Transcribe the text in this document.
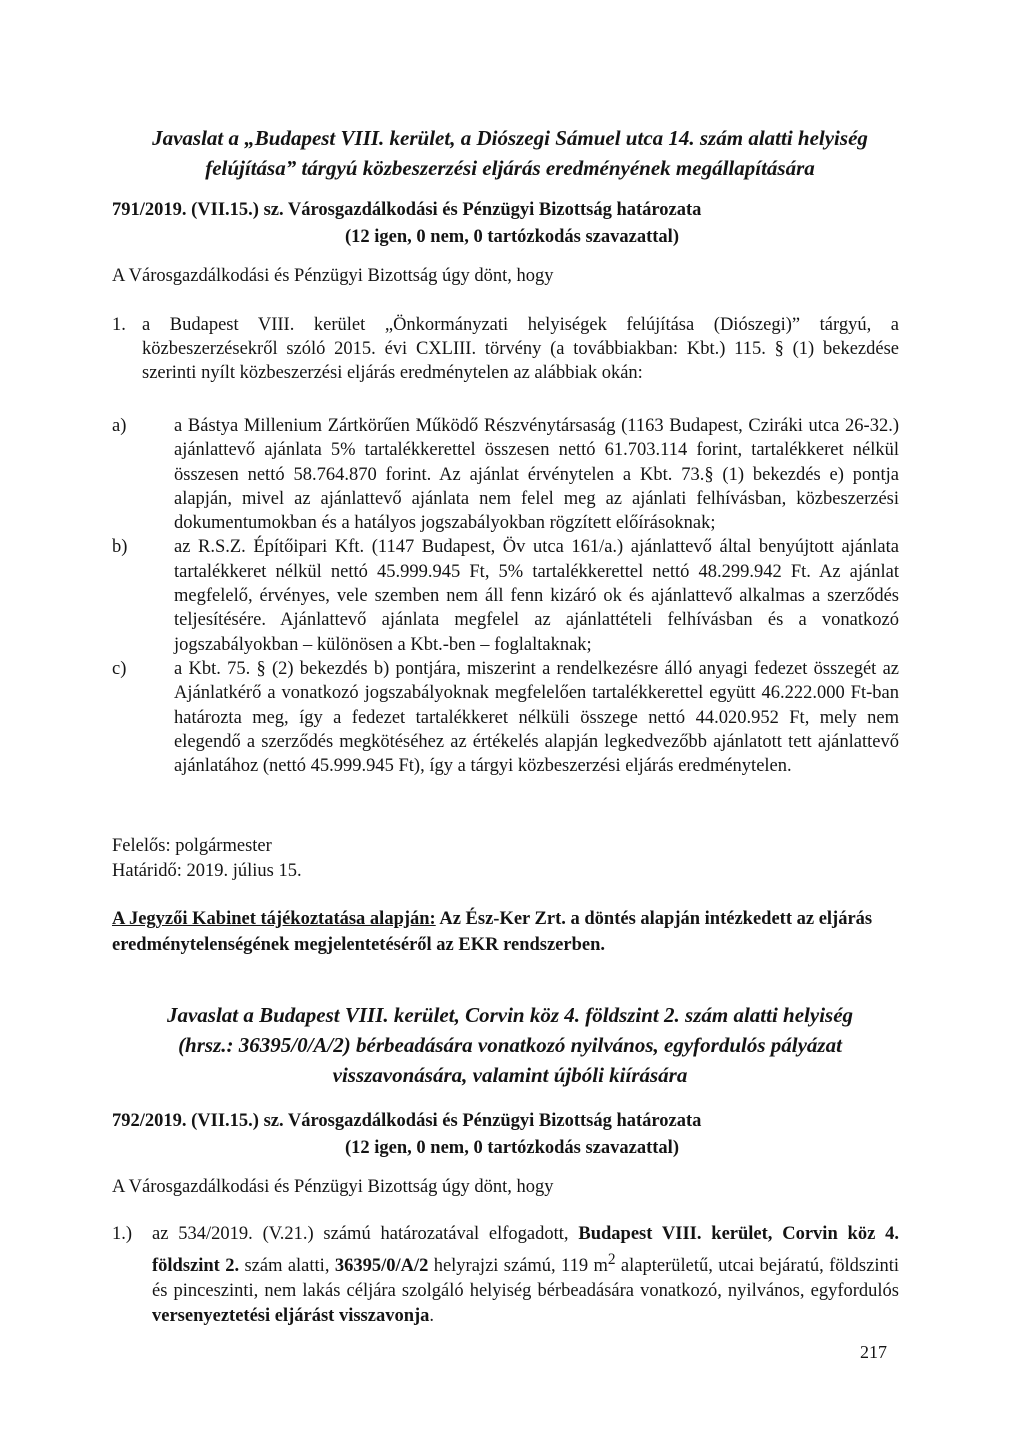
Javaslat a „Budapest VIII. kerület, a Diószegi Sámuel utca 14. szám alatti helyiség
felújítása” tárgyú közbeszerzési eljárás eredményének megállapítására
791/2019. (VII.15.) sz. Városgazdálkodási és Pénzügyi Bizottság határozata
(12 igen, 0 nem, 0 tartózkodás szavazattal)
A Városgazdálkodási és Pénzügyi Bizottság úgy dönt, hogy
1. a Budapest VIII. kerület „Önkormányzati helyiségek felújítása (Diószegi)” tárgyú, a közbeszerzésekről szóló 2015. évi CXLIII. törvény (a továbbiakban: Kbt.) 115. § (1) bekezdése szerinti nyílt közbeszerzési eljárás eredménytelen az alábbiak okán:
a)	a Bástya Millenium Zártkörűen Működő Részvénytársaság (1163 Budapest, Cziráki utca 26-32.) ajánlattevő ajánlata 5% tartalékkerettel összesen nettó 61.703.114 forint, tartalékkeret nélkül összesen nettó 58.764.870 forint. Az ajánlat érvénytelen a Kbt. 73.§ (1) bekezdés e) pontja alapján, mivel az ajánlattevő ajánlata nem felel meg az ajánlati felhívásban, közbeszerzési dokumentumokban és a hatályos jogszabályokban rögzített előírásoknak;
b)	az R.S.Z. Építőipari Kft. (1147 Budapest, Öv utca 161/a.) ajánlattevő által benyújtott ajánlata tartalékkeret nélkül nettó 45.999.945 Ft, 5% tartalékkerettel nettó 48.299.942 Ft. Az ajánlat megfelelő, érvényes, vele szemben nem áll fenn kizáró ok és ajánlattevő alkalmas a szerződés teljesítésére. Ajánlattevő ajánlata megfelel az ajánlattételi felhívásban és a vonatkozó jogszabályokban – különösen a Kbt.-ben – foglaltaknak;
c)	a Kbt. 75. § (2) bekezdés b) pontjára, miszerint a rendelkezésre álló anyagi fedezet összegét az Ajánlatkérő a vonatkozó jogszabályoknak megfelelően tartalékkerettel együtt 46.222.000 Ft-ban határozta meg, így a fedezet tartalékkeret nélküli összege nettó 44.020.952 Ft, mely nem elegendő a szerződés megkötéséhez az értékelés alapján legkedvezőbb ajánlatott tett ajánlattevő ajánlatához (nettó 45.999.945 Ft), így a tárgyi közbeszerzési eljárás eredménytelen.
Felelős: polgármester
Határidő: 2019. július 15.
A Jegyzői Kabinet tájékoztatása alapján: Az Ész-Ker Zrt. a döntés alapján intézkedett az eljárás eredménytelenségének megjelentetéséről az EKR rendszerben.
Javaslat a Budapest VIII. kerület, Corvin köz 4. földszint 2. szám alatti helyiség
(hrsz.: 36395/0/A/2) bérbeadására vonatkozó nyilvános, egyfordulós pályázat
visszavonására, valamint újbóli kiírására
792/2019. (VII.15.) sz. Városgazdálkodási és Pénzügyi Bizottság határozata
(12 igen, 0 nem, 0 tartózkodás szavazattal)
A Városgazdálkodási és Pénzügyi Bizottság úgy dönt, hogy
1.)	az 534/2019. (V.21.) számú határozatával elfogadott, Budapest VIII. kerület, Corvin köz 4. földszint 2. szám alatti, 36395/0/A/2 helyrajzi számú, 119 $m^2$ alapterületű, utcai bejáratú, földszinti és pinceszinti, nem lakás céljára szolgáló helyiség bérbeadására vonatkozó, nyilvános, egyfordulós versenyeztetési eljárást visszavonja.
217
